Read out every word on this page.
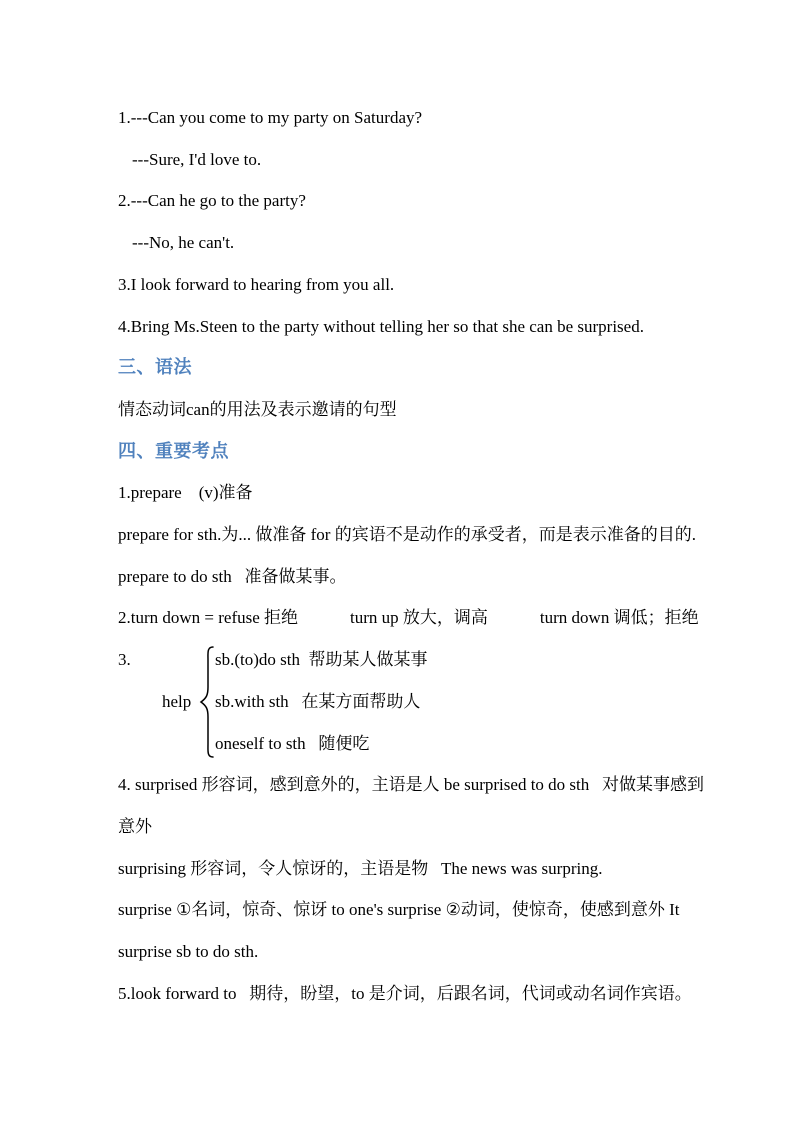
1.---Can you come to my party on Saturday?
---Sure, I'd love to.
2.---Can he go to the party?
---No, he can't.
3.I look forward to hearing from you all.
4.Bring Ms.Steen to the party without telling her so that she can be surprised.
三、语法
情态动词can的用法及表示邀请的句型
四、重要考点
1.prepare    (v)准备
prepare for sth.为... 做准备 for 的宾语不是动作的承受者，而是表示准备的目的.
prepare to do sth   准备做某事。
2.turn down = refuse 拒绝	turn up 放大，调高	turn down 调低；拒绝
3.
help
sb.(to)do sth  帮助某人做某事
sb.with sth   在某方面帮助人
oneself to sth   随便吃
4. surprised 形容词，感到意外的，主语是人 be surprised to do sth   对做某事感到
意外
surprising 形容词，令人惊讶的，主语是物   The news was surpring.
surprise ①名词，惊奇、惊讶 to one's surprise ②动词，使惊奇，使感到意外 It
surprise sb to do sth.
5.look forward to   期待，盼望，to 是介词，后跟名词，代词或动名词作宾语。
